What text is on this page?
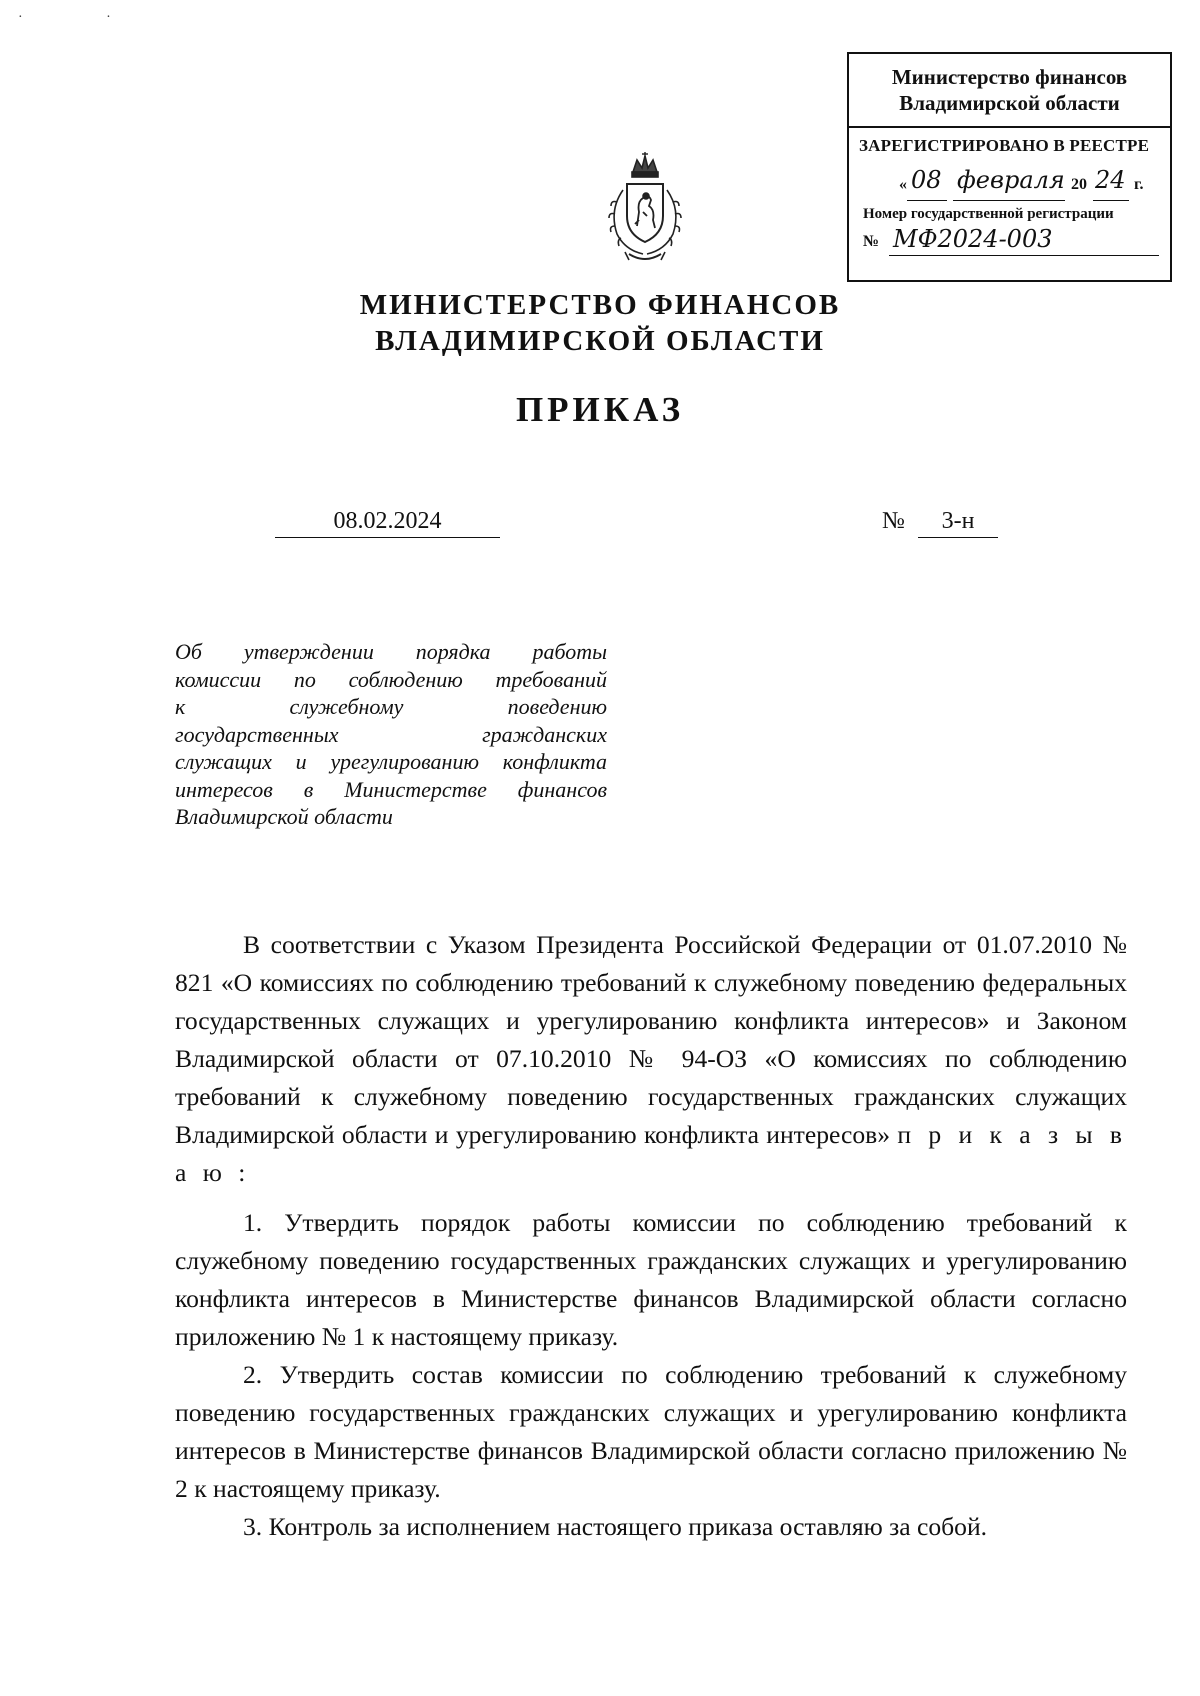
· ·
Министерство финансов
Владимирской области
ЗАРЕГИСТРИРОВАНО В РЕЕСТРЕ
« 08 февраля 20 24 г.
Номер государственной регистрации
№ МФ2024-003
МИНИСТЕРСТВО ФИНАНСОВ
ВЛАДИМИРСКОЙ ОБЛАСТИ
ПРИКАЗ
08.02.2024	№	3-н
Об утверждении порядка работы
комиссии по соблюдению требований
к служебному поведению
государственных гражданских
служащих и урегулированию конфликта
интересов в Министерстве финансов
Владимирской области

В соответствии с Указом Президента Российской Федерации от 01.07.2010 № 821 «О комиссиях по соблюдению требований к служебному поведению федеральных государственных служащих и урегулированию конфликта интересов» и Законом Владимирской области от 07.10.2010 № 94-ОЗ «О комиссиях по соблюдению требований к служебному поведению государственных гражданских служащих Владимирской области и урегулированию конфликта интересов» п р и к а з ы в а ю :

1. Утвердить порядок работы комиссии по соблюдению требований к служебному поведению государственных гражданских служащих и урегулированию конфликта интересов в Министерстве финансов Владимирской области согласно приложению № 1 к настоящему приказу.

2. Утвердить состав комиссии по соблюдению требований к служебному поведению государственных гражданских служащих и урегулированию конфликта интересов в Министерстве финансов Владимирской области согласно приложению № 2 к настоящему приказу.

3. Контроль за исполнением настоящего приказа оставляю за собой.
